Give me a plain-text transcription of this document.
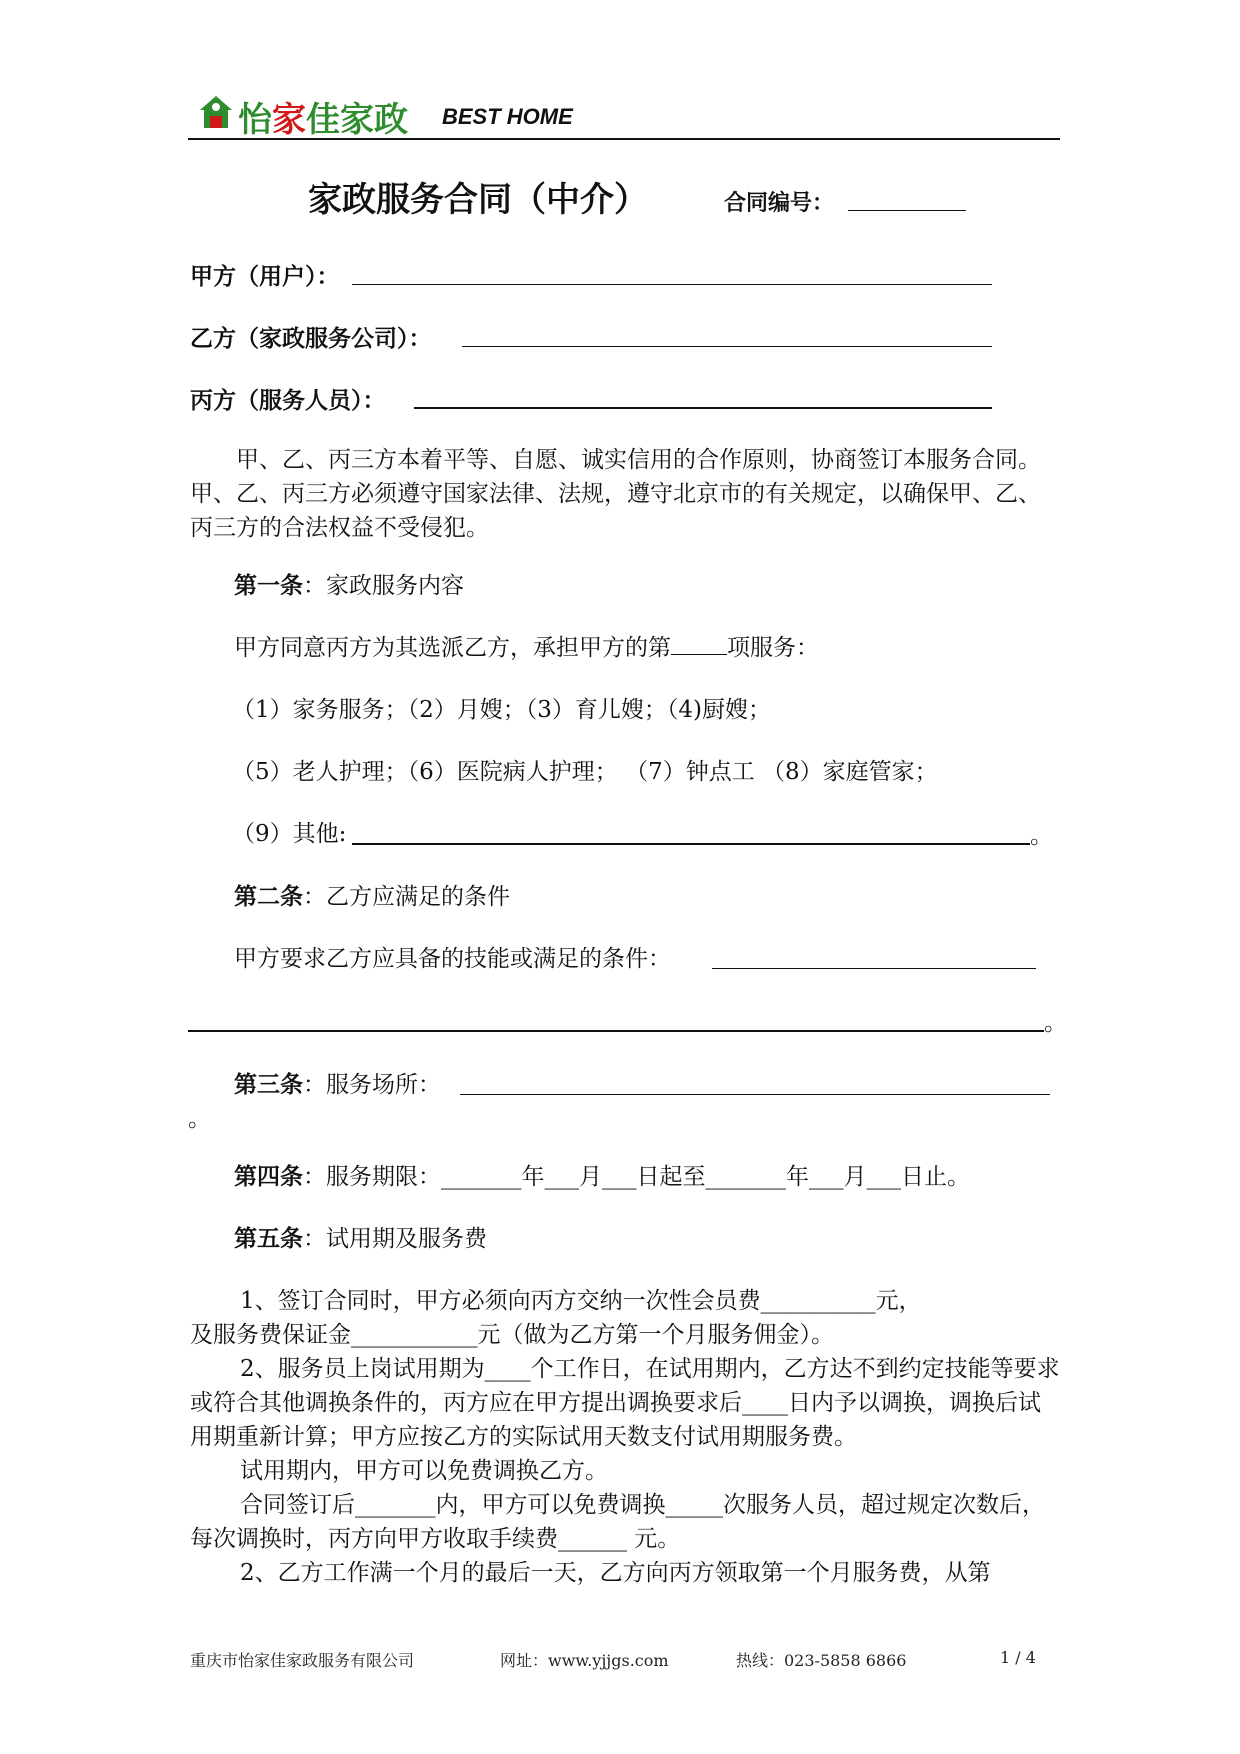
怡家佳家政 BEST HOME
家政服务合同（中介）	合同编号：
甲方（用户）：
乙方（家政服务公司）：
丙方（服务人员）：
甲、乙、丙三方本着平等、自愿、诚实信用的合作原则，协商签订本服务合同。甲、乙、丙三方必须遵守国家法律、法规，遵守北京市的有关规定，以确保甲、乙、丙三方的合法权益不受侵犯。
第一条：家政服务内容
甲方同意丙方为其选派乙方，承担甲方的第 项服务：
（1）家务服务；（2）月嫂；（3）育儿嫂；（4)厨嫂；
（5）老人护理；（6）医院病人护理； （7）钟点工 （8）家庭管家；
（9）其他:	。
第二条：乙方应满足的条件
甲方要求乙方应具备的技能或满足的条件：
。
第三条：服务场所：
。
第四条：服务期限：_______年___月___日起至_______年___月___日止。
第五条：试用期及服务费
1、签订合同时，甲方必须向丙方交纳一次性会员费__________元，
及服务费保证金___________元（做为乙方第一个月服务佣金）。
2、服务员上岗试用期为____个工作日，在试用期内，乙方达不到约定技能等要求或符合其他调换条件的，丙方应在甲方提出调换要求后____日内予以调换，调换后试用期重新计算；甲方应按乙方的实际试用天数支付试用期服务费。
试用期内，甲方可以免费调换乙方。
合同签订后_______内，甲方可以免费调换_____次服务人员，超过规定次数后，每次调换时，丙方向甲方收取手续费______ 元。
2、乙方工作满一个月的最后一天，乙方向丙方领取第一个月服务费，从第
重庆市怡家佳家政服务有限公司	网址：www.yjjgs.com	热线：023-5858 6866	1 / 4
